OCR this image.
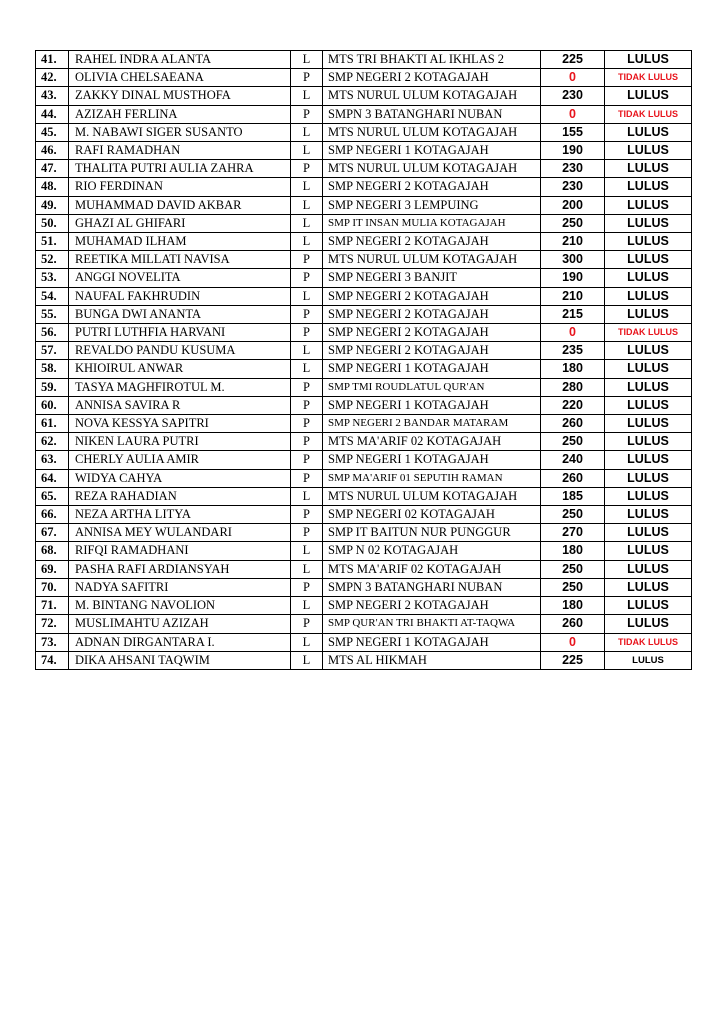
41.	RAHEL INDRA ALANTA	L	MTS TRI BHAKTI AL IKHLAS 2	225	LULUS
42.	OLIVIA CHELSAEANA	P	SMP NEGERI 2 KOTAGAJAH	0	TIDAK LULUS
43.	ZAKKY DINAL MUSTHOFA	L	MTS NURUL ULUM KOTAGAJAH	230	LULUS
44.	AZIZAH FERLINA	P	SMPN 3 BATANGHARI NUBAN	0	TIDAK LULUS
45.	M. NABAWI SIGER SUSANTO	L	MTS NURUL ULUM KOTAGAJAH	155	LULUS
46.	RAFI RAMADHAN	L	SMP NEGERI 1 KOTAGAJAH	190	LULUS
47.	THALITA PUTRI AULIA ZAHRA	P	MTS NURUL ULUM KOTAGAJAH	230	LULUS
48.	RIO FERDINAN	L	SMP NEGERI 2 KOTAGAJAH	230	LULUS
49.	MUHAMMAD DAVID AKBAR	L	SMP NEGERI 3 LEMPUING	200	LULUS
50.	GHAZI AL GHIFARI	L	SMP IT INSAN MULIA KOTAGAJAH	250	LULUS
51.	MUHAMAD ILHAM	L	SMP NEGERI 2 KOTAGAJAH	210	LULUS
52.	REETIKA MILLATI NAVISA	P	MTS NURUL ULUM KOTAGAJAH	300	LULUS
53.	ANGGI NOVELITA	P	SMP NEGERI 3 BANJIT	190	LULUS
54.	NAUFAL FAKHRUDIN	L	SMP NEGERI 2 KOTAGAJAH	210	LULUS
55.	BUNGA DWI ANANTA	P	SMP NEGERI 2 KOTAGAJAH	215	LULUS
56.	PUTRI LUTHFIA HARVANI	P	SMP NEGERI 2 KOTAGAJAH	0	TIDAK LULUS
57.	REVALDO PANDU KUSUMA	L	SMP NEGERI 2 KOTAGAJAH	235	LULUS
58.	KHIOIRUL ANWAR	L	SMP NEGERI 1 KOTAGAJAH	180	LULUS
59.	TASYA MAGHFIROTUL M.	P	SMP TMI ROUDLATUL QUR'AN	280	LULUS
60.	ANNISA SAVIRA R	P	SMP NEGERI 1 KOTAGAJAH	220	LULUS
61.	NOVA KESSYA SAPITRI	P	SMP NEGERI 2 BANDAR MATARAM	260	LULUS
62.	NIKEN LAURA PUTRI	P	MTS MA'ARIF 02 KOTAGAJAH	250	LULUS
63.	CHERLY AULIA AMIR	P	SMP NEGERI 1 KOTAGAJAH	240	LULUS
64.	WIDYA CAHYA	P	SMP MA'ARIF 01 SEPUTIH RAMAN	260	LULUS
65.	REZA RAHADIAN	L	MTS NURUL ULUM KOTAGAJAH	185	LULUS
66.	NEZA ARTHA LITYA	P	SMP NEGERI 02 KOTAGAJAH	250	LULUS
67.	ANNISA MEY WULANDARI	P	SMP IT BAITUN NUR PUNGGUR	270	LULUS
68.	RIFQI RAMADHANI	L	SMP N 02 KOTAGAJAH	180	LULUS
69.	PASHA RAFI ARDIANSYAH	L	MTS MA'ARIF 02 KOTAGAJAH	250	LULUS
70.	NADYA SAFITRI	P	SMPN 3 BATANGHARI NUBAN	250	LULUS
71.	M. BINTANG NAVOLION	L	SMP NEGERI 2 KOTAGAJAH	180	LULUS
72.	MUSLIMAHTU AZIZAH	P	SMP QUR'AN TRI BHAKTI AT-TAQWA	260	LULUS
73.	ADNAN DIRGANTARA I.	L	SMP NEGERI 1 KOTAGAJAH	0	TIDAK LULUS
74.	DIKA AHSANI TAQWIM	L	MTS AL HIKMAH	225	LULUS
